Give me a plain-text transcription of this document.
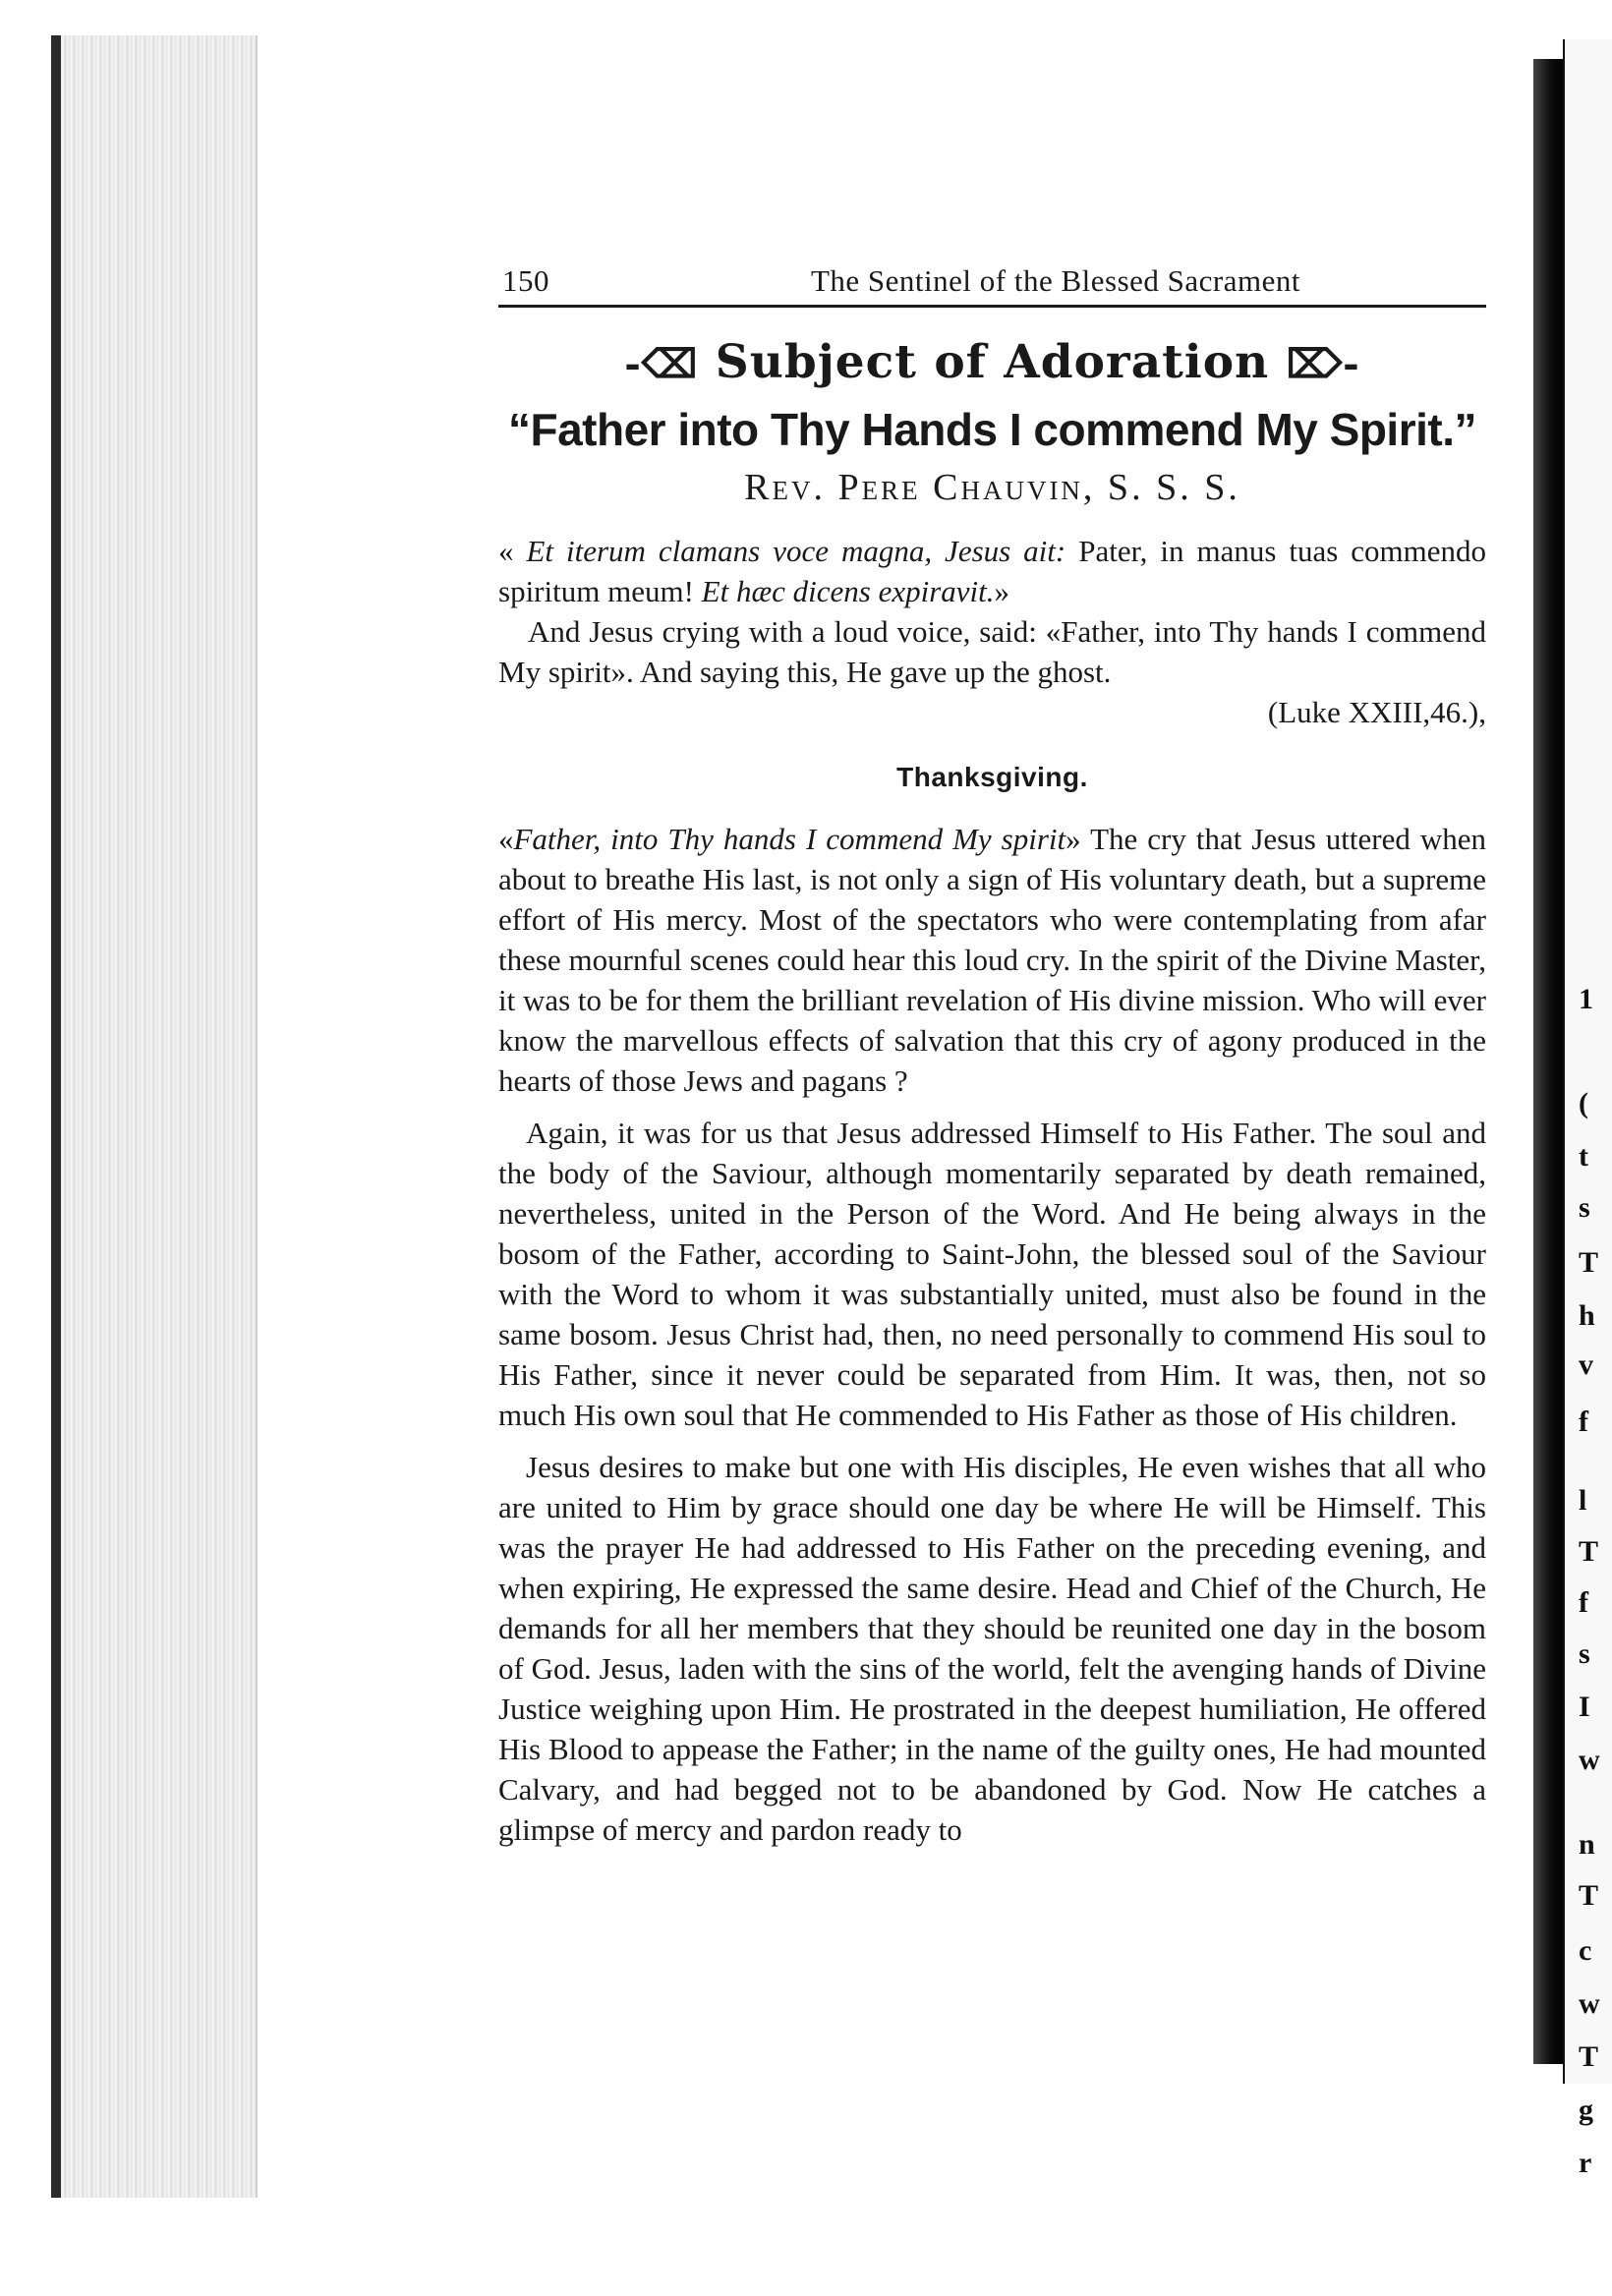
1
(
t
s
T
h
v
f
l
T
f
s
I
w
n
T
c
w
T
g
r
150	The Sentinel of the Blessed Sacrament
-⌫ Subject of Adoration ⌦-
“Father into Thy Hands I commend My Spirit.”
Rev. Pere Chauvin, S. S. S.

« Et iterum clamans voce magna, Jesus ait: Pater, in manus tuas commendo spiritum meum! Et hæc dicens expiravit.»

And Jesus crying with a loud voice, said: «Father, into Thy hands I commend My spirit». And saying this, He gave up the ghost.

(Luke XXIII,46.),

Thanksgiving.

«Father, into Thy hands I commend My spirit» The cry that Jesus uttered when about to breathe His last, is not only a sign of His voluntary death, but a supreme effort of His mercy. Most of the spectators who were contemplating from afar these mournful scenes could hear this loud cry. In the spirit of the Divine Master, it was to be for them the brilliant revelation of His divine mission. Who will ever know the marvellous effects of salvation that this cry of agony produced in the hearts of those Jews and pagans ?

Again, it was for us that Jesus addressed Himself to His Father. The soul and the body of the Saviour, although momentarily separated by death remained, nevertheless, united in the Person of the Word. And He being always in the bosom of the Father, according to Saint-John, the blessed soul of the Saviour with the Word to whom it was substantially united, must also be found in the same bosom. Jesus Christ had, then, no need personally to commend His soul to His Father, since it never could be separated from Him. It was, then, not so much His own soul that He commended to His Father as those of His children.

Jesus desires to make but one with His disciples, He even wishes that all who are united to Him by grace should one day be where He will be Himself. This was the prayer He had addressed to His Father on the preceding evening, and when expiring, He expressed the same desire. Head and Chief of the Church, He demands for all her members that they should be reunited one day in the bosom of God. Jesus, laden with the sins of the world, felt the avenging hands of Divine Justice weighing upon Him. He prostrated in the deepest humiliation, He offered His Blood to appease the Father; in the name of the guilty ones, He had mounted Calvary, and had begged not to be abandoned by God. Now He catches a glimpse of mercy and pardon ready to
